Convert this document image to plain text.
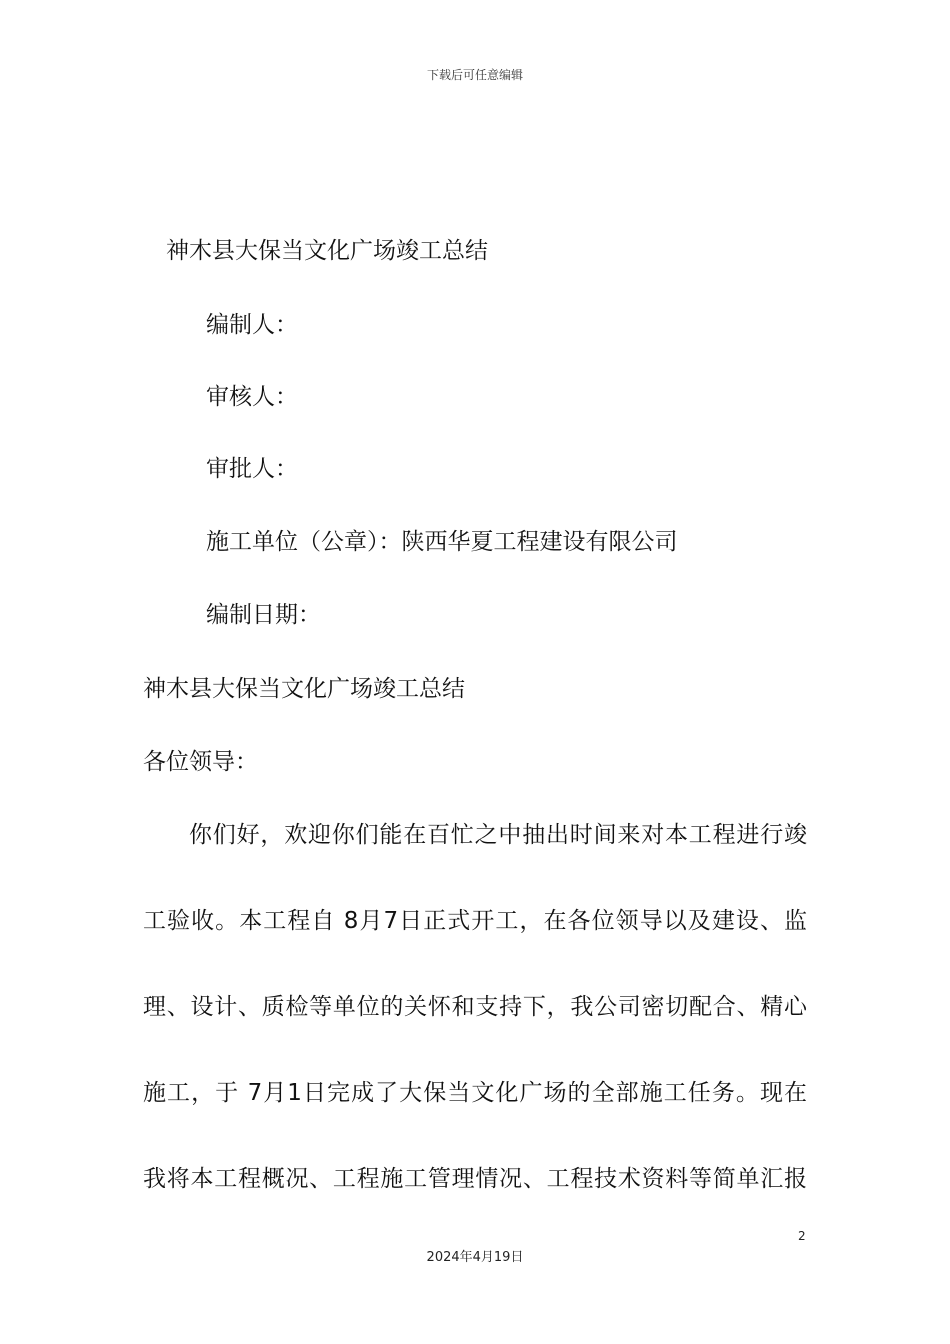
下载后可任意编辑
神木县大保当文化广场竣工总结
编制人：
审核人：
审批人：
施工单位（公章）：陕西华夏工程建设有限公司
编制日期：
神木县大保当文化广场竣工总结
各位领导：
你们好，欢迎你们能在百忙之中抽出时间来对本工程进行竣
工验收。本工程自 8月7日正式开工，在各位领导以及建设、监
理、设计、质检等单位的关怀和支持下，我公司密切配合、精心
施工，于 7月1日完成了大保当文化广场的全部施工任务。现在
我将本工程概况、工程施工管理情况、工程技术资料等简单汇报
2
2024年4月19日
